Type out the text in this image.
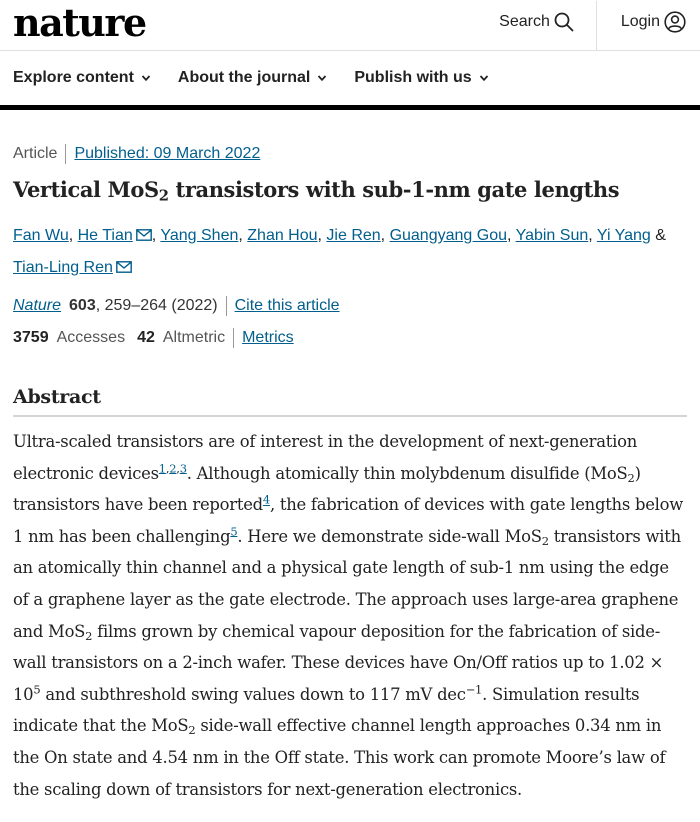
nature	Search	Login
Explore content	About the journal	Publish with us
Article Published: 09 March 2022
Vertical MoS$_2$ transistors with sub-1-nm gate lengths
Fan Wu, He Tian , Yang Shen, Zhan Hou, Jie Ren, Guangyang Gou, Yabin Sun, Yi Yang & Tian-Ling Ren
Nature 603 , 259–264 (2022) Cite this article
3759 Accesses 42 Altmetric Metrics
Abstract

Ultra-scaled transistors are of interest in the development of next-generation electronic devices$^{1,2,3}$. Although atomically thin molybdenum disulfide (MoS$_2$) transistors have been reported$^4$, the fabrication of devices with gate lengths below 1 nm has been challenging$^5$. Here we demonstrate side-wall MoS$_2$ transistors with an atomically thin channel and a physical gate length of sub-1 nm using the edge of a graphene layer as the gate electrode. The approach uses large-area graphene and MoS$_2$ films grown by chemical vapour deposition for the fabrication of side-wall transistors on a 2-inch wafer. These devices have On/Off ratios up to $1.02 \times 10^5$ and subthreshold swing values down to 117 mV dec$^{-1}$. Simulation results indicate that the MoS$_2$ side-wall effective channel length approaches 0.34 nm in the On state and 4.54 nm in the Off state. This work can promote Moore’s law of the scaling down of transistors for next-generation electronics.
